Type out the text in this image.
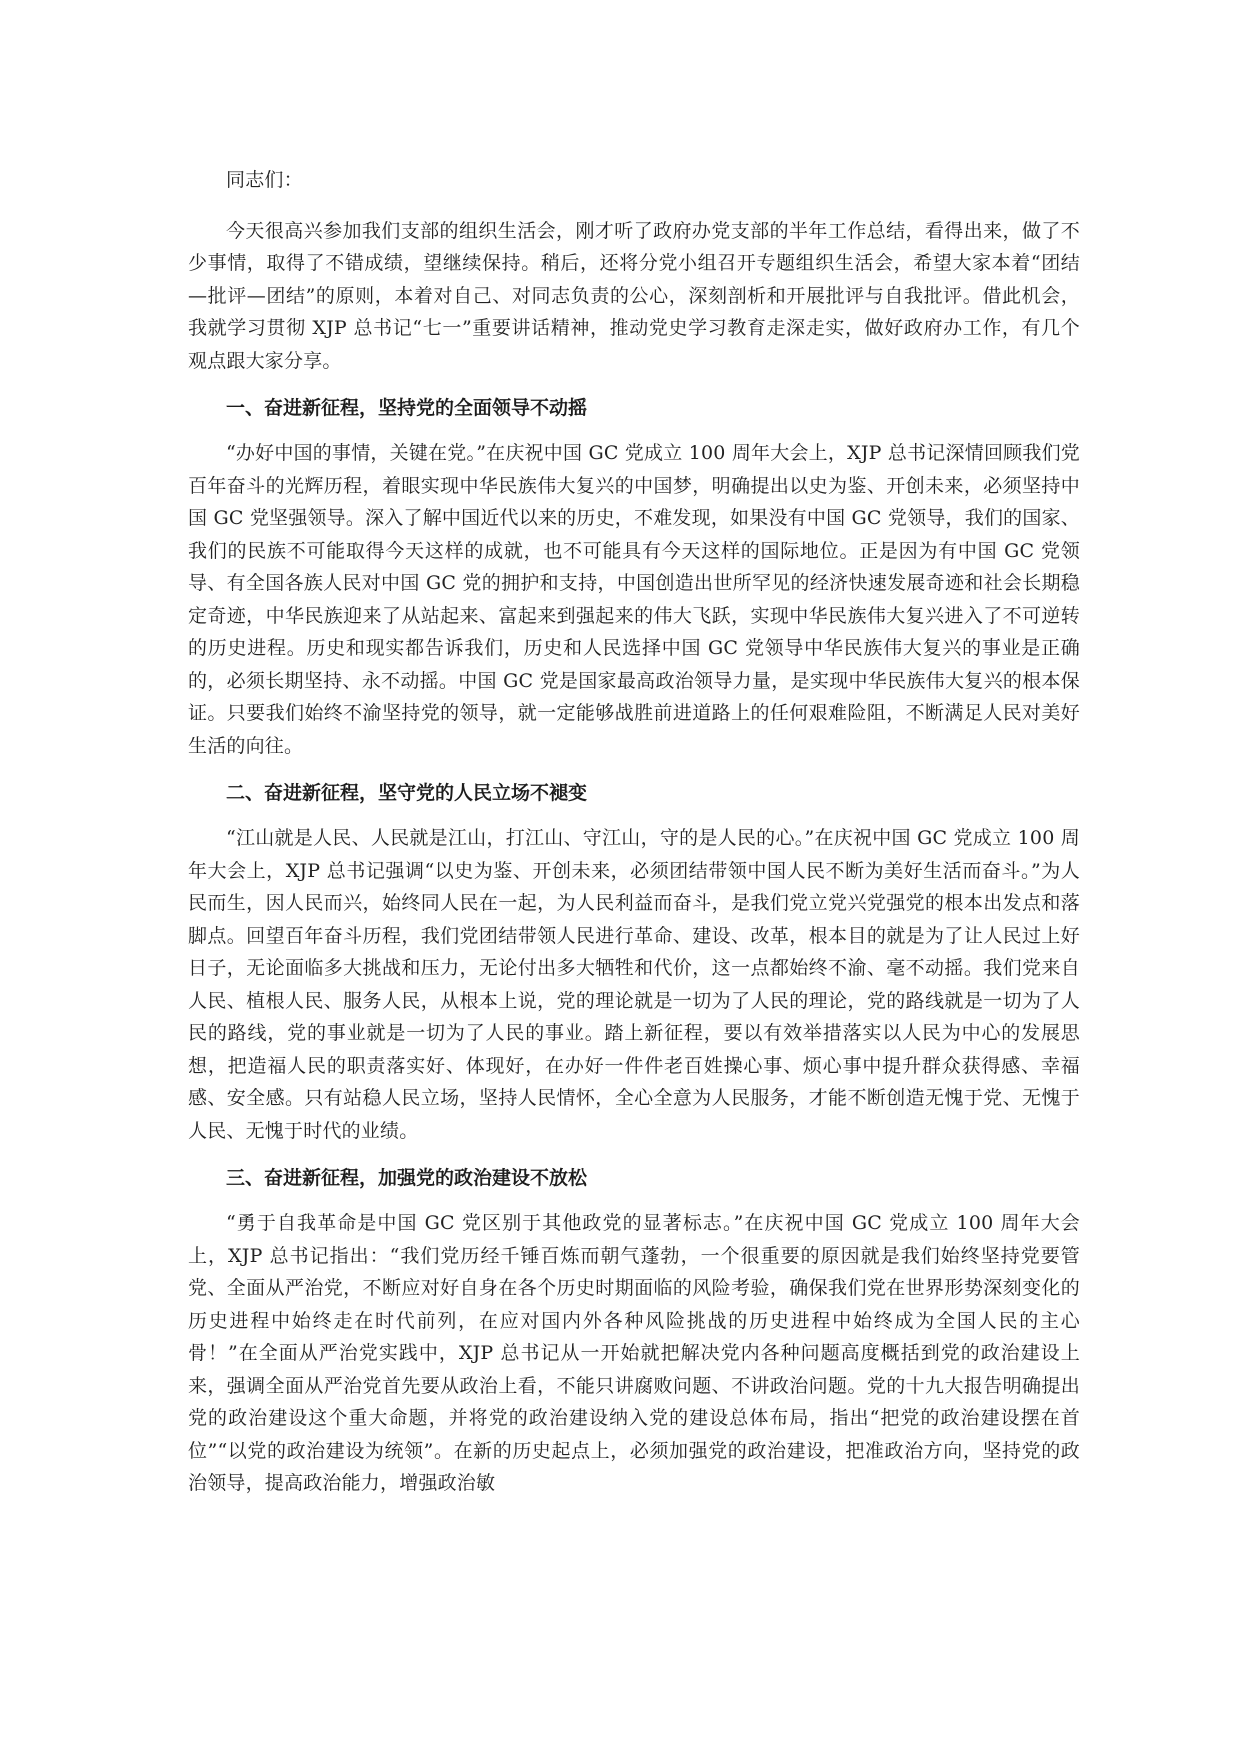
同志们：

今天很高兴参加我们支部的组织生活会，刚才听了政府办党支部的半年工作总结，看得出来，做了不少事情，取得了不错成绩，望继续保持。稍后，还将分党小组召开专题组织生活会，希望大家本着“团结—批评—团结”的原则，本着对自己、对同志负责的公心，深刻剖析和开展批评与自我批评。借此机会，我就学习贯彻 XJP 总书记“七一”重要讲话精神，推动党史学习教育走深走实，做好政府办工作，有几个观点跟大家分享。

一、奋进新征程，坚持党的全面领导不动摇

“办好中国的事情，关键在党。”在庆祝中国 GC 党成立 100 周年大会上，XJP 总书记深情回顾我们党百年奋斗的光辉历程，着眼实现中华民族伟大复兴的中国梦，明确提出以史为鉴、开创未来，必须坚持中国 GC 党坚强领导。深入了解中国近代以来的历史，不难发现，如果没有中国 GC 党领导，我们的国家、我们的民族不可能取得今天这样的成就，也不可能具有今天这样的国际地位。正是因为有中国 GC 党领导、有全国各族人民对中国 GC 党的拥护和支持，中国创造出世所罕见的经济快速发展奇迹和社会长期稳定奇迹，中华民族迎来了从站起来、富起来到强起来的伟大飞跃，实现中华民族伟大复兴进入了不可逆转的历史进程。历史和现实都告诉我们，历史和人民选择中国 GC 党领导中华民族伟大复兴的事业是正确的，必须长期坚持、永不动摇。中国 GC 党是国家最高政治领导力量，是实现中华民族伟大复兴的根本保证。只要我们始终不渝坚持党的领导，就一定能够战胜前进道路上的任何艰难险阻，不断满足人民对美好生活的向往。

二、奋进新征程，坚守党的人民立场不褪变

“江山就是人民、人民就是江山，打江山、守江山，守的是人民的心。”在庆祝中国 GC 党成立 100 周年大会上，XJP 总书记强调“以史为鉴、开创未来，必须团结带领中国人民不断为美好生活而奋斗。”为人民而生，因人民而兴，始终同人民在一起，为人民利益而奋斗，是我们党立党兴党强党的根本出发点和落脚点。回望百年奋斗历程，我们党团结带领人民进行革命、建设、改革，根本目的就是为了让人民过上好日子，无论面临多大挑战和压力，无论付出多大牺牲和代价，这一点都始终不渝、毫不动摇。我们党来自人民、植根人民、服务人民，从根本上说，党的理论就是一切为了人民的理论，党的路线就是一切为了人民的路线，党的事业就是一切为了人民的事业。踏上新征程，要以有效举措落实以人民为中心的发展思想，把造福人民的职责落实好、体现好，在办好一件件老百姓操心事、烦心事中提升群众获得感、幸福感、安全感。只有站稳人民立场，坚持人民情怀，全心全意为人民服务，才能不断创造无愧于党、无愧于人民、无愧于时代的业绩。

三、奋进新征程，加强党的政治建设不放松

“勇于自我革命是中国 GC 党区别于其他政党的显著标志。”在庆祝中国 GC 党成立 100 周年大会上，XJP 总书记指出：“我们党历经千锤百炼而朝气蓬勃，一个很重要的原因就是我们始终坚持党要管党、全面从严治党，不断应对好自身在各个历史时期面临的风险考验，确保我们党在世界形势深刻变化的历史进程中始终走在时代前列，在应对国内外各种风险挑战的历史进程中始终成为全国人民的主心骨！”在全面从严治党实践中，XJP 总书记从一开始就把解决党内各种问题高度概括到党的政治建设上来，强调全面从严治党首先要从政治上看，不能只讲腐败问题、不讲政治问题。党的十九大报告明确提出党的政治建设这个重大命题，并将党的政治建设纳入党的建设总体布局，指出“把党的政治建设摆在首位”“以党的政治建设为统领”。在新的历史起点上，必须加强党的政治建设，把准政治方向，坚持党的政治领导，提高政治能力，增强政治敏
